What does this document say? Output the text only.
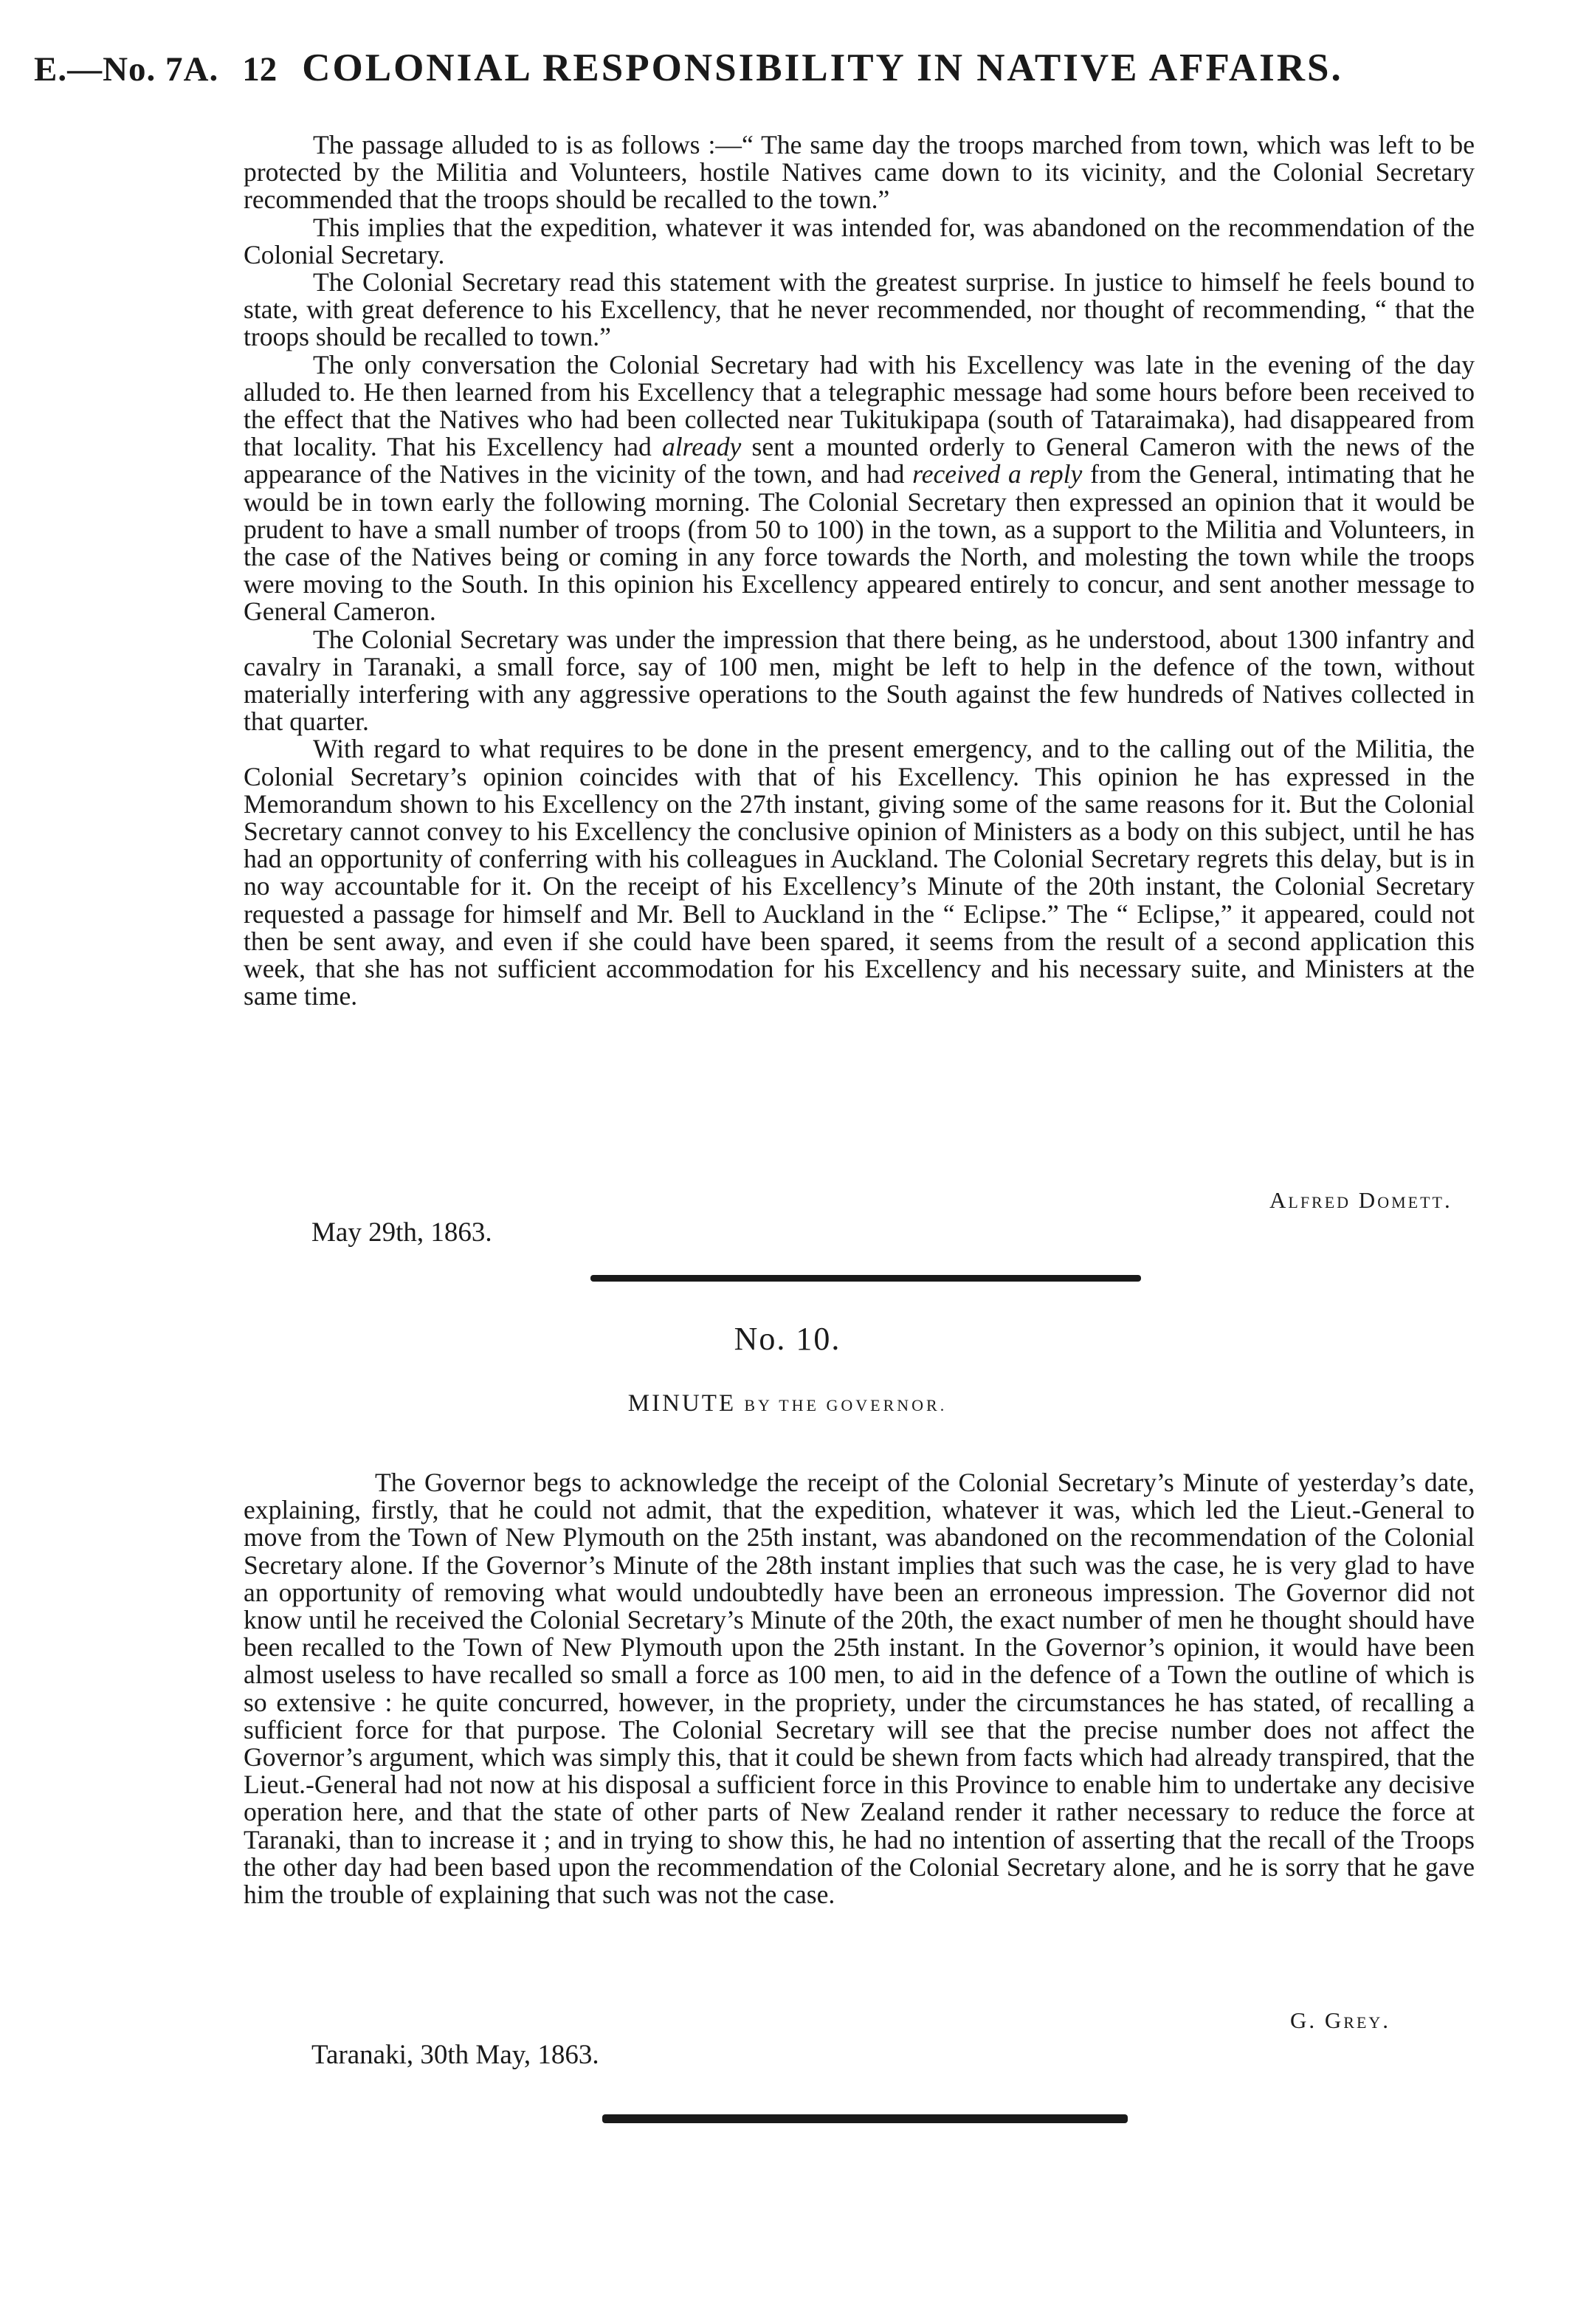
E.—No. 7A. 12 COLONIAL RESPONSIBILITY IN NATIVE AFFAIRS.

The passage alluded to is as follows :—“ The same day the troops marched from town, which was left to be protected by the Militia and Volunteers, hostile Natives came down to its vicinity, and the Colonial Secretary recommended that the troops should be recalled to the town.”

This implies that the expedition, whatever it was intended for, was abandoned on the recommendation of the Colonial Secretary.

The Colonial Secretary read this statement with the greatest surprise. In justice to himself he feels bound to state, with great deference to his Excellency, that he never recommended, nor thought of recommending, “ that the troops should be recalled to town.”

The only conversation the Colonial Secretary had with his Excellency was late in the evening of the day alluded to. He then learned from his Excellency that a telegraphic message had some hours before been received to the effect that the Natives who had been collected near Tukitukipapa (south of Tataraimaka), had disappeared from that locality. That his Excellency had already sent a mounted orderly to General Cameron with the news of the appearance of the Natives in the vicinity of the town, and had received a reply from the General, intimating that he would be in town early the following morning. The Colonial Secretary then expressed an opinion that it would be prudent to have a small number of troops (from 50 to 100) in the town, as a support to the Militia and Volunteers, in the case of the Natives being or coming in any force towards the North, and molesting the town while the troops were moving to the South. In this opinion his Excellency appeared entirely to concur, and sent another message to General Cameron.

The Colonial Secretary was under the impression that there being, as he understood, about 1300 infantry and cavalry in Taranaki, a small force, say of 100 men, might be left to help in the defence of the town, without materially interfering with any aggressive operations to the South against the few hundreds of Natives collected in that quarter.

With regard to what requires to be done in the present emergency, and to the calling out of the Militia, the Colonial Secretary’s opinion coincides with that of his Excellency. This opinion he has expressed in the Memorandum shown to his Excellency on the 27th instant, giving some of the same reasons for it. But the Colonial Secretary cannot convey to his Excellency the conclusive opinion of Ministers as a body on this subject, until he has had an opportunity of conferring with his colleagues in Auckland. The Colonial Secretary regrets this delay, but is in no way accountable for it. On the receipt of his Excellency’s Minute of the 20th instant, the Colonial Secretary requested a passage for himself and Mr. Bell to Auckland in the “ Eclipse.” The “ Eclipse,” it appeared, could not then be sent away, and even if she could have been spared, it seems from the result of a second application this week, that she has not sufficient accommodation for his Excellency and his necessary suite, and Ministers at the same time.

Alfred Domett.
May 29th, 1863.
No. 10.
MINUTE BY THE GOVERNOR.

The Governor begs to acknowledge the receipt of the Colonial Secretary’s Minute of yesterday’s date, explaining, firstly, that he could not admit, that the expedition, whatever it was, which led the Lieut.-General to move from the Town of New Plymouth on the 25th instant, was abandoned on the recommendation of the Colonial Secretary alone. If the Governor’s Minute of the 28th instant implies that such was the case, he is very glad to have an opportunity of removing what would undoubtedly have been an erroneous impression. The Governor did not know until he received the Colonial Secretary’s Minute of the 20th, the exact number of men he thought should have been recalled to the Town of New Plymouth upon the 25th instant. In the Governor’s opinion, it would have been almost useless to have recalled so small a force as 100 men, to aid in the defence of a Town the outline of which is so extensive : he quite concurred, however, in the propriety, under the circumstances he has stated, of recalling a sufficient force for that purpose. The Colonial Secretary will see that the precise number does not affect the Governor’s argument, which was simply this, that it could be shewn from facts which had already transpired, that the Lieut.-General had not now at his disposal a sufficient force in this Province to enable him to undertake any decisive operation here, and that the state of other parts of New Zealand render it rather necessary to reduce the force at Taranaki, than to increase it ; and in trying to show this, he had no intention of asserting that the recall of the Troops the other day had been based upon the recommendation of the Colonial Secretary alone, and he is sorry that he gave him the trouble of explaining that such was not the case.

G. Grey.
Taranaki, 30th May, 1863.
